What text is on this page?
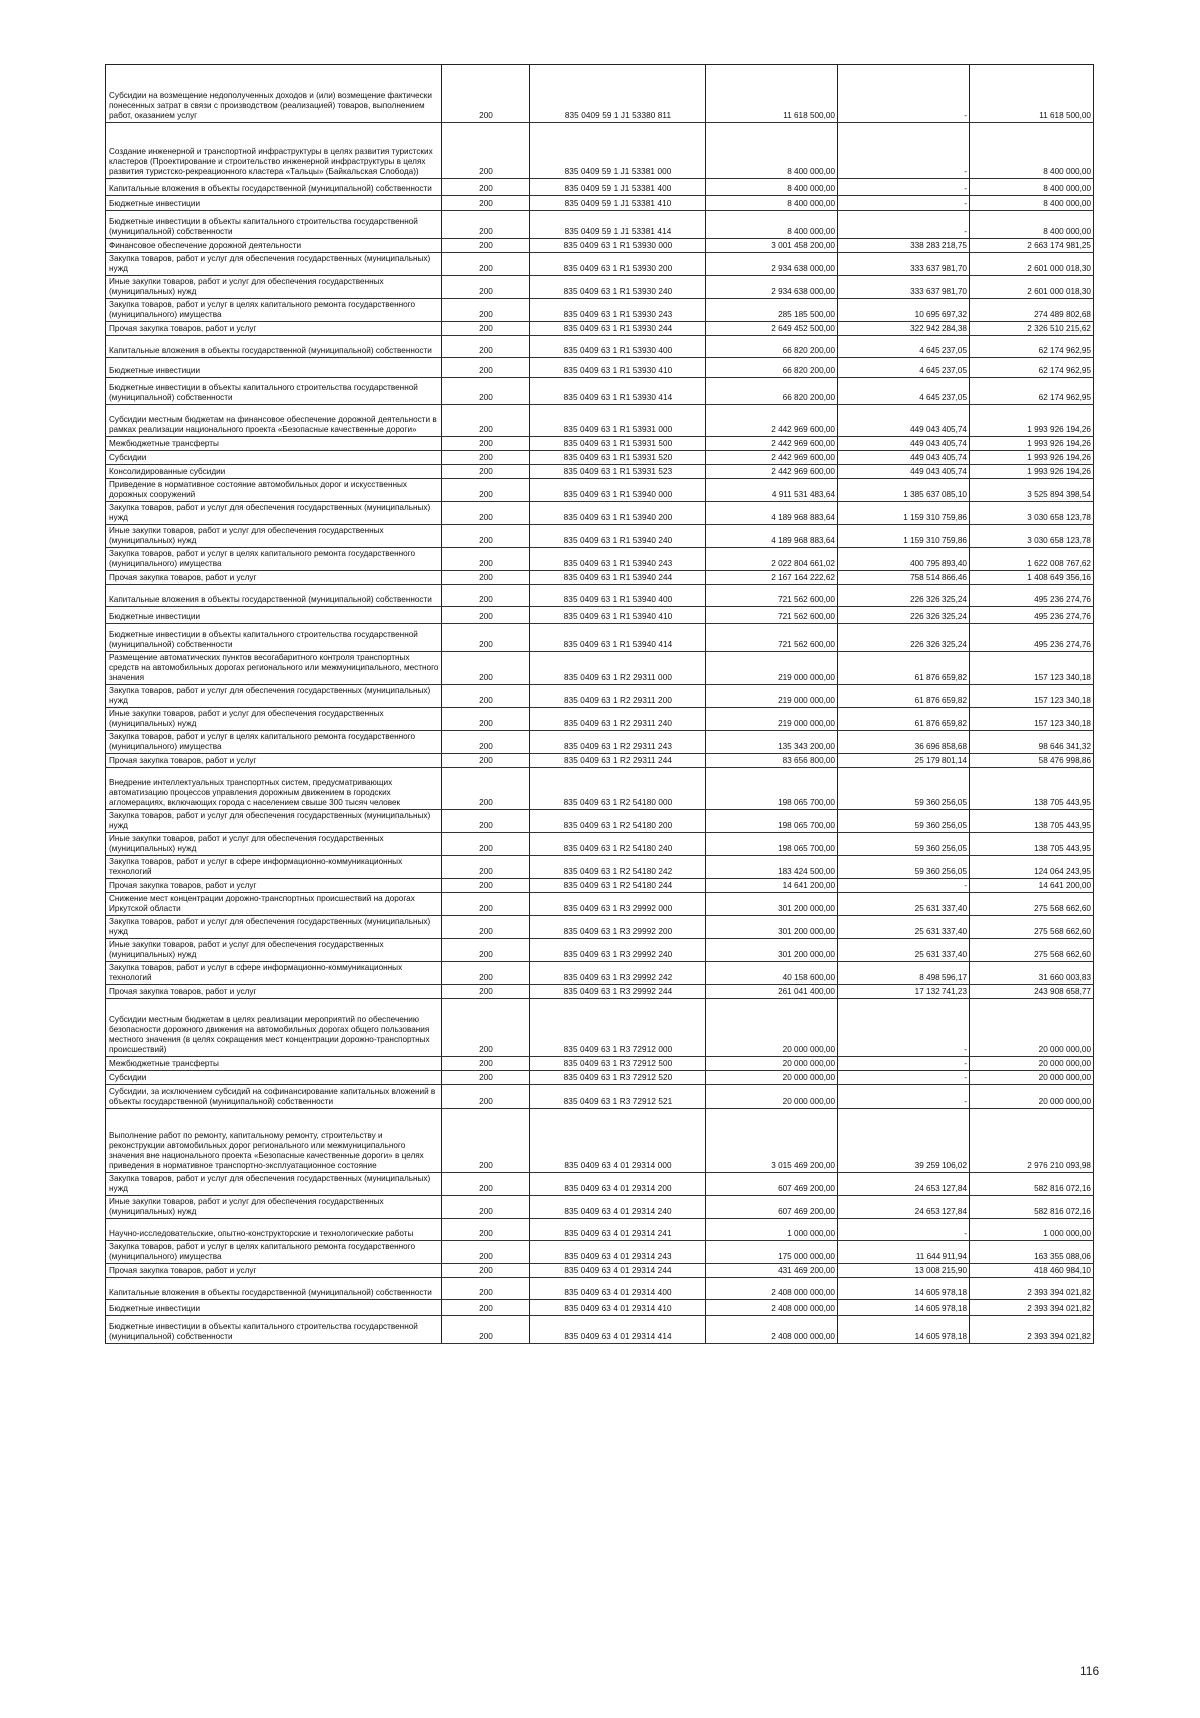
Субсидии на возмещение недополученных доходов и (или) возмещение фактически понесенных затрат в связи с производством (реализацией) товаров, выполнением работ, оказанием услуг	200	835 0409 59 1 J1 53380 811	11 618 500,00	-	11 618 500,00
Создание инженерной и транспортной инфраструктуры в целях развития туристских кластеров (Проектирование и строительство инженерной инфраструктуры в целях развития туристско-рекреационного кластера «Тальцы» (Байкальская Слобода))	200	835 0409 59 1 J1 53381 000	8 400 000,00	-	8 400 000,00
Капитальные вложения в объекты государственной (муниципальной) собственности	200	835 0409 59 1 J1 53381 400	8 400 000,00	-	8 400 000,00
Бюджетные инвестиции	200	835 0409 59 1 J1 53381 410	8 400 000,00	-	8 400 000,00
Бюджетные инвестиции в объекты капитального строительства государственной (муниципальной) собственности	200	835 0409 59 1 J1 53381 414	8 400 000,00	-	8 400 000,00
Финансовое обеспечение дорожной деятельности	200	835 0409 63 1 R1 53930 000	3 001 458 200,00	338 283 218,75	2 663 174 981,25
Закупка товаров, работ и услуг для обеспечения государственных (муниципальных) нужд	200	835 0409 63 1 R1 53930 200	2 934 638 000,00	333 637 981,70	2 601 000 018,30
Иные закупки товаров, работ и услуг для обеспечения государственных (муниципальных) нужд	200	835 0409 63 1 R1 53930 240	2 934 638 000,00	333 637 981,70	2 601 000 018,30
Закупка товаров, работ и услуг в целях капитального ремонта государственного (муниципального) имущества	200	835 0409 63 1 R1 53930 243	285 185 500,00	10 695 697,32	274 489 802,68
Прочая закупка товаров, работ и услуг	200	835 0409 63 1 R1 53930 244	2 649 452 500,00	322 942 284,38	2 326 510 215,62
Капитальные вложения в объекты государственной (муниципальной) собственности	200	835 0409 63 1 R1 53930 400	66 820 200,00	4 645 237,05	62 174 962,95
Бюджетные инвестиции	200	835 0409 63 1 R1 53930 410	66 820 200,00	4 645 237,05	62 174 962,95
Бюджетные инвестиции в объекты капитального строительства государственной (муниципальной) собственности	200	835 0409 63 1 R1 53930 414	66 820 200,00	4 645 237,05	62 174 962,95
Субсидии местным бюджетам на финансовое обеспечение дорожной деятельности в рамках реализации национального проекта «Безопасные качественные дороги»	200	835 0409 63 1 R1 53931 000	2 442 969 600,00	449 043 405,74	1 993 926 194,26
Межбюджетные трансферты	200	835 0409 63 1 R1 53931 500	2 442 969 600,00	449 043 405,74	1 993 926 194,26
Субсидии	200	835 0409 63 1 R1 53931 520	2 442 969 600,00	449 043 405,74	1 993 926 194,26
Консолидированные субсидии	200	835 0409 63 1 R1 53931 523	2 442 969 600,00	449 043 405,74	1 993 926 194,26
Приведение в нормативное состояние автомобильных дорог и искусственных дорожных сооружений	200	835 0409 63 1 R1 53940 000	4 911 531 483,64	1 385 637 085,10	3 525 894 398,54
Закупка товаров, работ и услуг для обеспечения государственных (муниципальных) нужд	200	835 0409 63 1 R1 53940 200	4 189 968 883,64	1 159 310 759,86	3 030 658 123,78
Иные закупки товаров, работ и услуг для обеспечения государственных (муниципальных) нужд	200	835 0409 63 1 R1 53940 240	4 189 968 883,64	1 159 310 759,86	3 030 658 123,78
Закупка товаров, работ и услуг в целях капитального ремонта государственного (муниципального) имущества	200	835 0409 63 1 R1 53940 243	2 022 804 661,02	400 795 893,40	1 622 008 767,62
Прочая закупка товаров, работ и услуг	200	835 0409 63 1 R1 53940 244	2 167 164 222,62	758 514 866,46	1 408 649 356,16
Капитальные вложения в объекты государственной (муниципальной) собственности	200	835 0409 63 1 R1 53940 400	721 562 600,00	226 326 325,24	495 236 274,76
Бюджетные инвестиции	200	835 0409 63 1 R1 53940 410	721 562 600,00	226 326 325,24	495 236 274,76
Бюджетные инвестиции в объекты капитального строительства государственной (муниципальной) собственности	200	835 0409 63 1 R1 53940 414	721 562 600,00	226 326 325,24	495 236 274,76
Размещение автоматических пунктов весогабаритного контроля транспортных средств на автомобильных дорогах регионального или межмуниципального, местного значения	200	835 0409 63 1 R2 29311 000	219 000 000,00	61 876 659,82	157 123 340,18
Закупка товаров, работ и услуг для обеспечения государственных (муниципальных) нужд	200	835 0409 63 1 R2 29311 200	219 000 000,00	61 876 659,82	157 123 340,18
Иные закупки товаров, работ и услуг для обеспечения государственных (муниципальных) нужд	200	835 0409 63 1 R2 29311 240	219 000 000,00	61 876 659,82	157 123 340,18
Закупка товаров, работ и услуг в целях капитального ремонта государственного (муниципального) имущества	200	835 0409 63 1 R2 29311 243	135 343 200,00	36 696 858,68	98 646 341,32
Прочая закупка товаров, работ и услуг	200	835 0409 63 1 R2 29311 244	83 656 800,00	25 179 801,14	58 476 998,86
Внедрение интеллектуальных транспортных систем, предусматривающих автоматизацию процессов управления дорожным движением в городских агломерациях, включающих города с населением свыше 300 тысяч человек	200	835 0409 63 1 R2 54180 000	198 065 700,00	59 360 256,05	138 705 443,95
Закупка товаров, работ и услуг для обеспечения государственных (муниципальных) нужд	200	835 0409 63 1 R2 54180 200	198 065 700,00	59 360 256,05	138 705 443,95
Иные закупки товаров, работ и услуг для обеспечения государственных (муниципальных) нужд	200	835 0409 63 1 R2 54180 240	198 065 700,00	59 360 256,05	138 705 443,95
Закупка товаров, работ и услуг в сфере информационно-коммуникационных технологий	200	835 0409 63 1 R2 54180 242	183 424 500,00	59 360 256,05	124 064 243,95
Прочая закупка товаров, работ и услуг	200	835 0409 63 1 R2 54180 244	14 641 200,00	-	14 641 200,00
Снижение мест концентрации дорожно-транспортных происшествий на дорогах Иркутской области	200	835 0409 63 1 R3 29992 000	301 200 000,00	25 631 337,40	275 568 662,60
Закупка товаров, работ и услуг для обеспечения государственных (муниципальных) нужд	200	835 0409 63 1 R3 29992 200	301 200 000,00	25 631 337,40	275 568 662,60
Иные закупки товаров, работ и услуг для обеспечения государственных (муниципальных) нужд	200	835 0409 63 1 R3 29992 240	301 200 000,00	25 631 337,40	275 568 662,60
Закупка товаров, работ и услуг в сфере информационно-коммуникационных технологий	200	835 0409 63 1 R3 29992 242	40 158 600,00	8 498 596,17	31 660 003,83
Прочая закупка товаров, работ и услуг	200	835 0409 63 1 R3 29992 244	261 041 400,00	17 132 741,23	243 908 658,77
Субсидии местным бюджетам в целях реализации мероприятий по обеспечению безопасности дорожного движения на автомобильных дорогах общего пользования местного значения (в целях сокращения мест концентрации дорожно-транспортных происшествий)	200	835 0409 63 1 R3 72912 000	20 000 000,00	-	20 000 000,00
Межбюджетные трансферты	200	835 0409 63 1 R3 72912 500	20 000 000,00	-	20 000 000,00
Субсидии	200	835 0409 63 1 R3 72912 520	20 000 000,00	-	20 000 000,00
Субсидии, за исключением субсидий на софинансирование капитальных вложений в объекты государственной (муниципальной) собственности	200	835 0409 63 1 R3 72912 521	20 000 000,00	-	20 000 000,00
Выполнение работ по ремонту, капитальному ремонту, строительству и реконструкции автомобильных дорог регионального или межмуниципального значения вне национального проекта «Безопасные качественные дороги» в целях приведения в нормативное транспортно-эксплуатационное состояние	200	835 0409 63 4 01 29314 000	3 015 469 200,00	39 259 106,02	2 976 210 093,98
Закупка товаров, работ и услуг для обеспечения государственных (муниципальных) нужд	200	835 0409 63 4 01 29314 200	607 469 200,00	24 653 127,84	582 816 072,16
Иные закупки товаров, работ и услуг для обеспечения государственных (муниципальных) нужд	200	835 0409 63 4 01 29314 240	607 469 200,00	24 653 127,84	582 816 072,16
Научно-исследовательские, опытно-конструкторские и технологические работы	200	835 0409 63 4 01 29314 241	1 000 000,00	-	1 000 000,00
Закупка товаров, работ и услуг в целях капитального ремонта государственного (муниципального) имущества	200	835 0409 63 4 01 29314 243	175 000 000,00	11 644 911,94	163 355 088,06
Прочая закупка товаров, работ и услуг	200	835 0409 63 4 01 29314 244	431 469 200,00	13 008 215,90	418 460 984,10
Капитальные вложения в объекты государственной (муниципальной) собственности	200	835 0409 63 4 01 29314 400	2 408 000 000,00	14 605 978,18	2 393 394 021,82
Бюджетные инвестиции	200	835 0409 63 4 01 29314 410	2 408 000 000,00	14 605 978,18	2 393 394 021,82
Бюджетные инвестиции в объекты капитального строительства государственной (муниципальной) собственности	200	835 0409 63 4 01 29314 414	2 408 000 000,00	14 605 978,18	2 393 394 021,82
116
